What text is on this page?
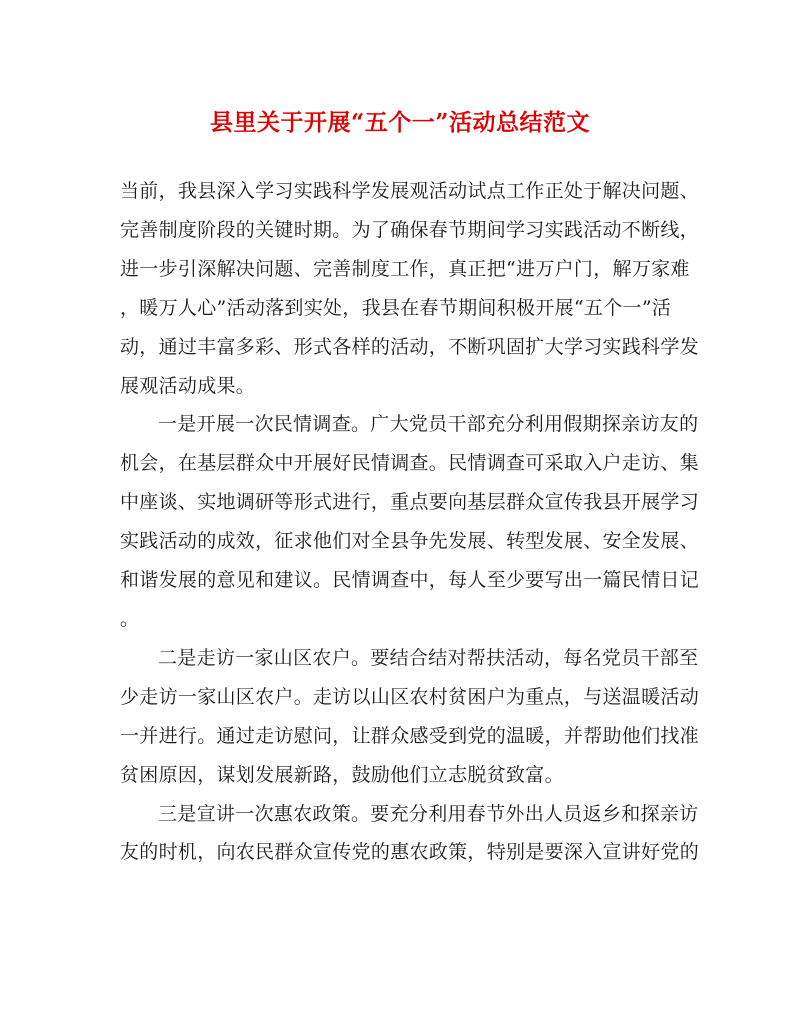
县里关于开展“五个一”活动总结范文
当前，我县深入学习实践科学发展观活动试点工作正处于解决问题、
完善制度阶段的关键时期。为了确保春节期间学习实践活动不断线，
进一步引深解决问题、完善制度工作，真正把“进万户门，解万家难
，暖万人心”活动落到实处，我县在春节期间积极开展“五个一”活
动，通过丰富多彩、形式各样的活动，不断巩固扩大学习实践科学发
展观活动成果。
一是开展一次民情调查。广大党员干部充分利用假期探亲访友的
机会，在基层群众中开展好民情调查。民情调查可采取入户走访、集
中座谈、实地调研等形式进行，重点要向基层群众宣传我县开展学习
实践活动的成效，征求他们对全县争先发展、转型发展、安全发展、
和谐发展的意见和建议。民情调查中，每人至少要写出一篇民情日记
。
二是走访一家山区农户。要结合结对帮扶活动，每名党员干部至
少走访一家山区农户。走访以山区农村贫困户为重点，与送温暖活动
一并进行。通过走访慰问，让群众感受到党的温暖，并帮助他们找准
贫困原因，谋划发展新路，鼓励他们立志脱贫致富。
三是宣讲一次惠农政策。要充分利用春节外出人员返乡和探亲访
友的时机，向农民群众宣传党的惠农政策，特别是要深入宣讲好党的
